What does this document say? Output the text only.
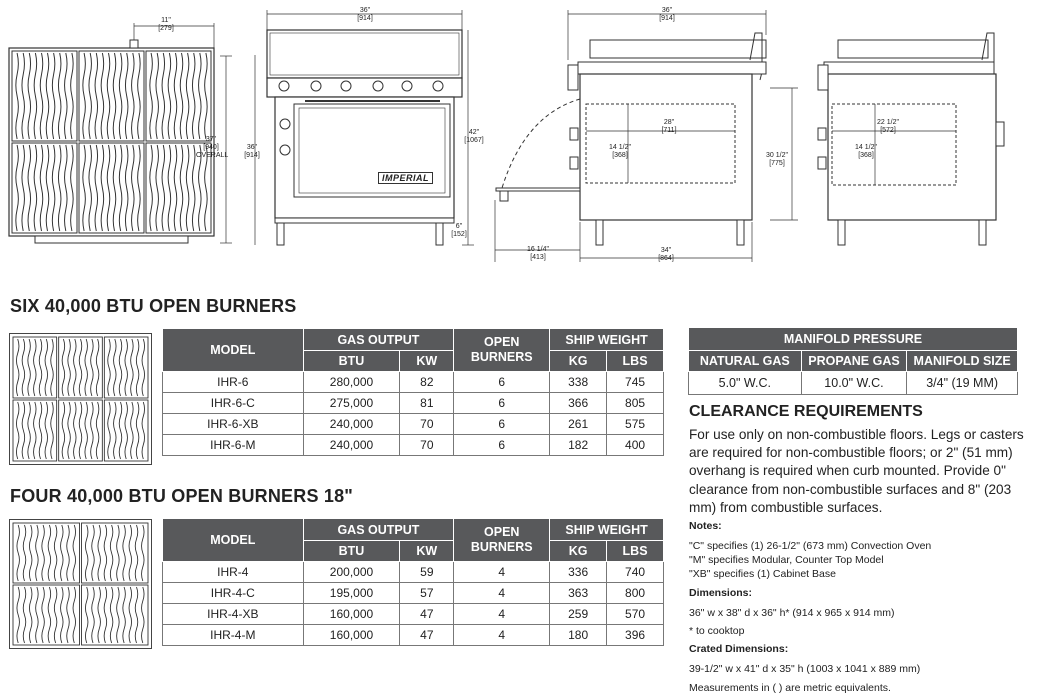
11"
[279]
37"
[940]
OVERALL
36"
[914]
36"
[914]
42"
[1067]
6"
[152]
IMPERIAL
36"
[914]
28"
[711]
14 1/2"
[368]	30 1/2"
[775]
16 1/4"
[413]
34"
[864]
22 1/2"
[572]
14 1/2"
[368]
SIX 40,000 BTU OPEN BURNERS
MODEL	GAS OUTPUT		OPEN BURNERS	SHIP WEIGHT	
	BTU	KW		KG	LBS
IHR-6	280,000	82	6	338	745
IHR-6-C	275,000	81	6	366	805
IHR-6-XB	240,000	70	6	261	575
IHR-6-M	240,000	70	6	182	400
FOUR 40,000 BTU OPEN BURNERS 18"
MODEL	GAS OUTPUT		OPEN BURNERS	SHIP WEIGHT	
	BTU	KW		KG	LBS
IHR-4	200,000	59	4	336	740
IHR-4-C	195,000	57	4	363	800
IHR-4-XB	160,000	47	4	259	570
IHR-4-M	160,000	47	4	180	396
MANIFOLD PRESSURE		
NATURAL GAS	PROPANE GAS	MANIFOLD SIZE
5.0" W.C.	10.0" W.C.	3/4" (19 MM)
CLEARANCE REQUIREMENTS
For use only on non-combustible floors. Legs or casters are required for non-combustible floors; or 2" (51 mm) overhang is required when curb mounted. Provide 0" clearance from non-combustible surfaces and 8" (203 mm) from combustible surfaces.
Notes:
"C" specifies (1) 26-1/2" (673 mm) Convection Oven
"M" specifies Modular, Counter Top Model
"XB" specifies (1) Cabinet Base
Dimensions:
36" w x 38" d x 36" h* (914 x 965 x 914 mm)
* to cooktop
Crated Dimensions:
39-1/2" w x 41" d x 35" h (1003 x 1041 x 889 mm)
Measurements in ( ) are metric equivalents.
